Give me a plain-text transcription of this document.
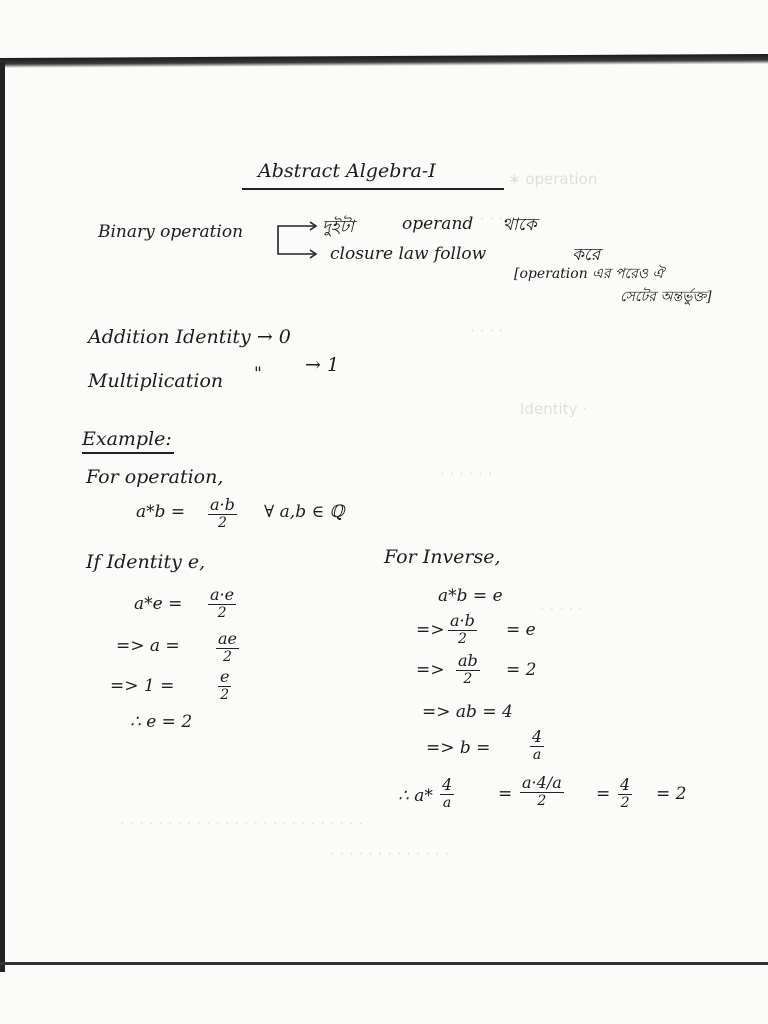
∗ operation
· · · · ·
· · · ·
Identity ·
· · · · · ·
· · · · ·
· · · · · · · · · · · · · · · · · · · · · · · · · ·
· · · · · · · · · · · · ·
Abstract Algebra-I
Binary operation	দুইটা	operand থাকে
closure law follow	করে
[operation এর পরেও ঐ
সেটের অন্তর্ভুক্ত]
Addition Identity → 0
Multiplication " → 1
Example:
For operation,
$a*b = \frac{a\cdot b}{2}$ ∀ a,b ∈ ℚ
If Identity e,
$a*e = \frac{a\cdot e}{2}$
=> $a = \frac{ae}{2}$
=> 1 =	$\frac{e}{2}$
∴ e = 2
For Inverse,
a*b = e
=> $\frac{a\cdot b}{2} = e$
=> $\frac{ab}{2} = 2$
=> ab = 4
=> $b = \frac{4}{a}$
∴ $a* \frac{4}{a}$	= $\frac{a\cdot 4/a}{2} = \frac{4}{2} = 2$
